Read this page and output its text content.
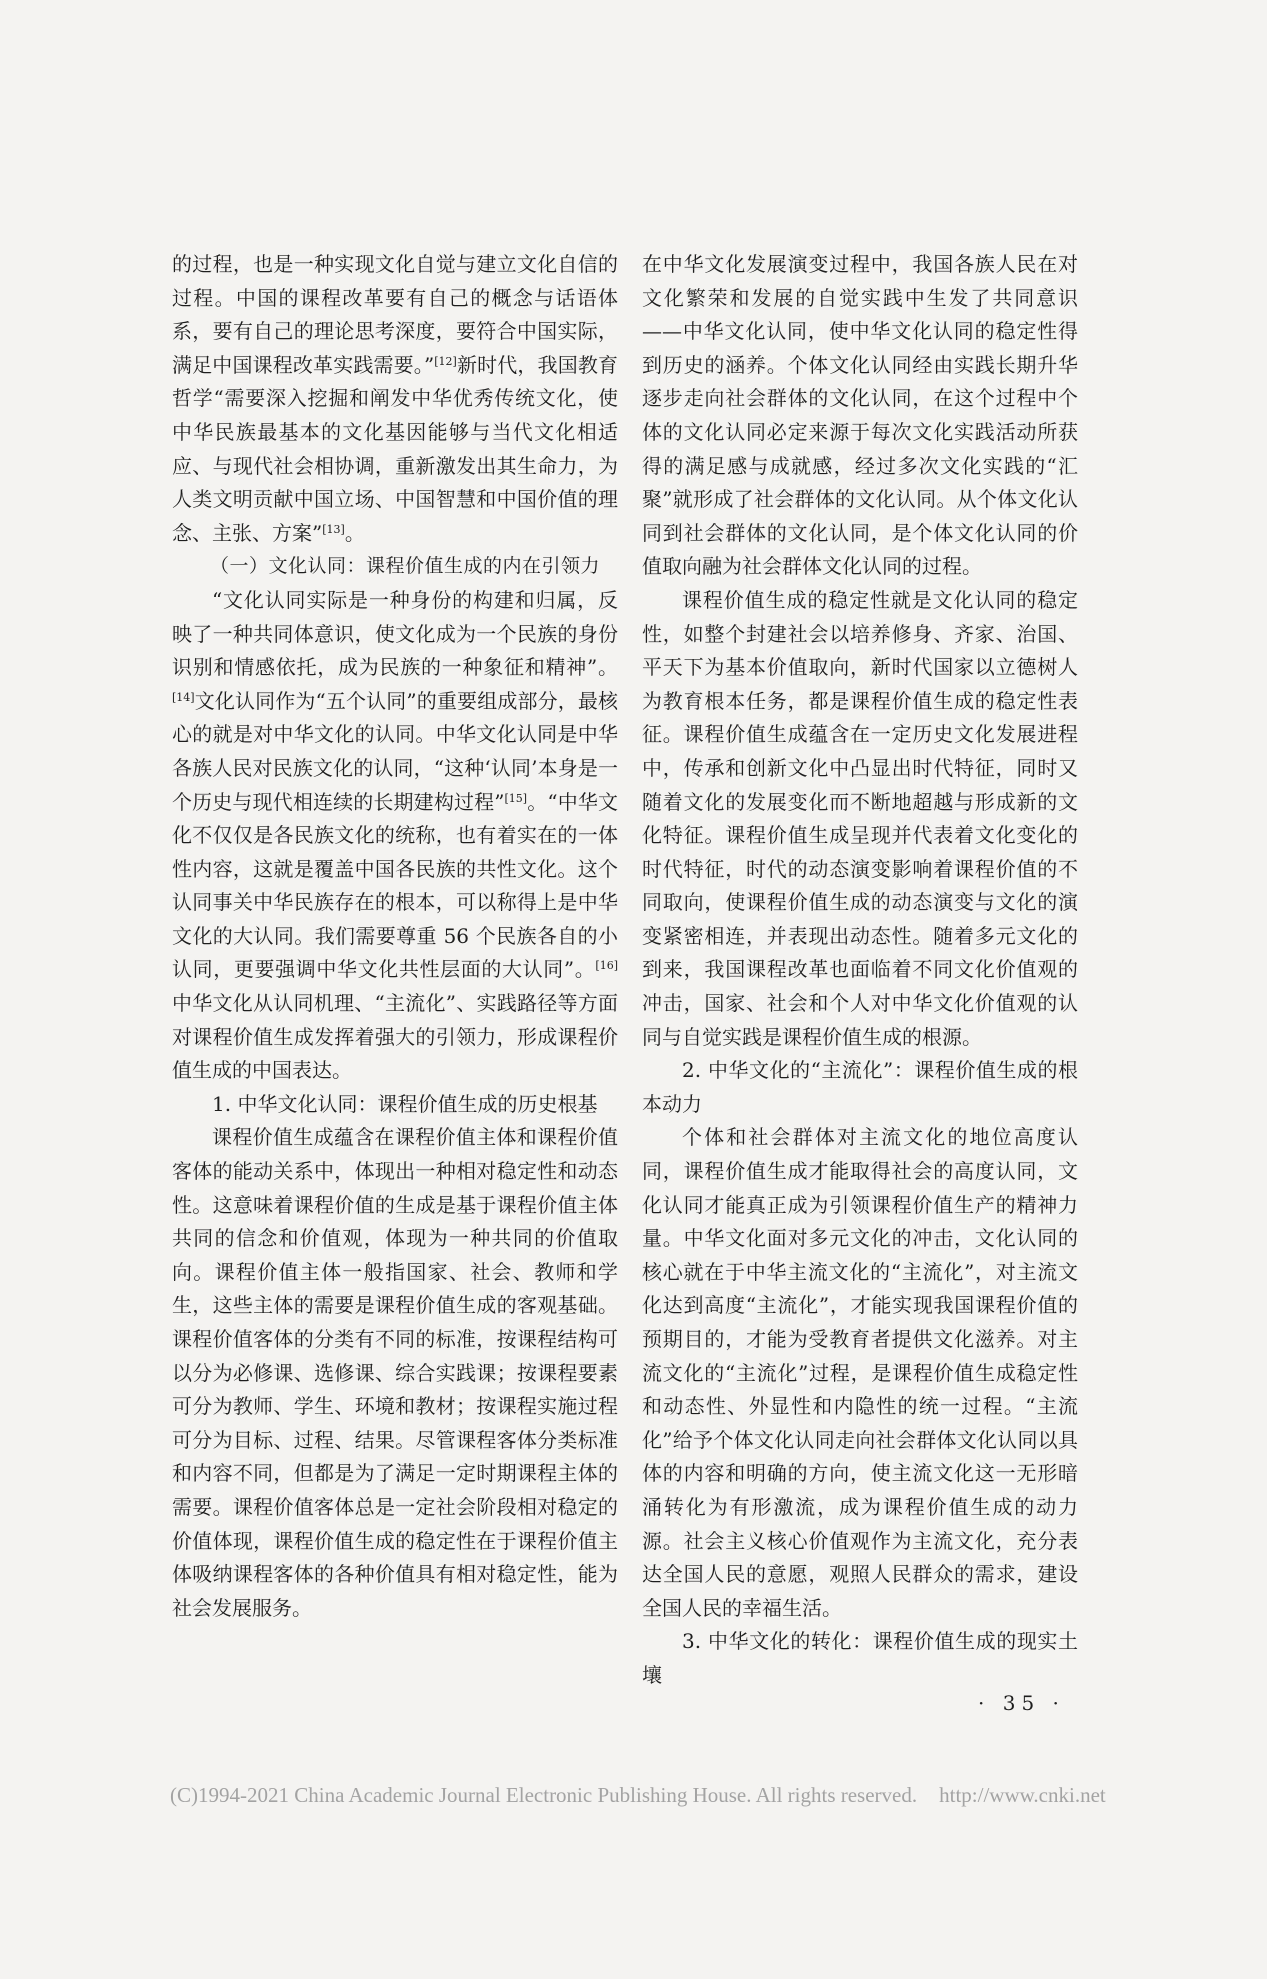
的过程，也是一种实现文化自觉与建立文化自信的过程。中国的课程改革要有自己的概念与话语体系，要有自己的理论思考深度，要符合中国实际，满足中国课程改革实践需要。”[12]新时代，我国教育哲学“需要深入挖掘和阐发中华优秀传统文化，使中华民族最基本的文化基因能够与当代文化相适应、与现代社会相协调，重新激发出其生命力，为人类文明贡献中国立场、中国智慧和中国价值的理念、主张、方案”[13]。

（一）文化认同：课程价值生成的内在引领力

“文化认同实际是一种身份的构建和归属，反映了一种共同体意识，使文化成为一个民族的身份识别和情感依托，成为民族的一种象征和精神”。[14]文化认同作为“五个认同”的重要组成部分，最核心的就是对中华文化的认同。中华文化认同是中华各族人民对民族文化的认同，“这种‘认同’本身是一个历史与现代相连续的长期建构过程”[15]。“中华文化不仅仅是各民族文化的统称，也有着实在的一体性内容，这就是覆盖中国各民族的共性文化。这个认同事关中华民族存在的根本，可以称得上是中华文化的大认同。我们需要尊重 56 个民族各自的小认同，更要强调中华文化共性层面的大认同”。[16]中华文化从认同机理、“主流化”、实践路径等方面对课程价值生成发挥着强大的引领力，形成课程价值生成的中国表达。

1. 中华文化认同：课程价值生成的历史根基

课程价值生成蕴含在课程价值主体和课程价值客体的能动关系中，体现出一种相对稳定性和动态性。这意味着课程价值的生成是基于课程价值主体共同的信念和价值观，体现为一种共同的价值取向。课程价值主体一般指国家、社会、教师和学生，这些主体的需要是课程价值生成的客观基础。课程价值客体的分类有不同的标准，按课程结构可以分为必修课、选修课、综合实践课；按课程要素可分为教师、学生、环境和教材；按课程实施过程可分为目标、过程、结果。尽管课程客体分类标准和内容不同，但都是为了满足一定时期课程主体的需要。课程价值客体总是一定社会阶段相对稳定的价值体现，课程价值生成的稳定性在于课程价值主体吸纳课程客体的各种价值具有相对稳定性，能为社会发展服务。

在中华文化发展演变过程中，我国各族人民在对文化繁荣和发展的自觉实践中生发了共同意识——中华文化认同，使中华文化认同的稳定性得到历史的涵养。个体文化认同经由实践长期升华逐步走向社会群体的文化认同，在这个过程中个体的文化认同必定来源于每次文化实践活动所获得的满足感与成就感，经过多次文化实践的“汇聚”就形成了社会群体的文化认同。从个体文化认同到社会群体的文化认同，是个体文化认同的价值取向融为社会群体文化认同的过程。

课程价值生成的稳定性就是文化认同的稳定性，如整个封建社会以培养修身、齐家、治国、平天下为基本价值取向，新时代国家以立德树人为教育根本任务，都是课程价值生成的稳定性表征。课程价值生成蕴含在一定历史文化发展进程中，传承和创新文化中凸显出时代特征，同时又随着文化的发展变化而不断地超越与形成新的文化特征。课程价值生成呈现并代表着文化变化的时代特征，时代的动态演变影响着课程价值的不同取向，使课程价值生成的动态演变与文化的演变紧密相连，并表现出动态性。随着多元文化的到来，我国课程改革也面临着不同文化价值观的冲击，国家、社会和个人对中华文化价值观的认同与自觉实践是课程价值生成的根源。

2. 中华文化的“主流化”：课程价值生成的根本动力

个体和社会群体对主流文化的地位高度认同，课程价值生成才能取得社会的高度认同，文化认同才能真正成为引领课程价值生产的精神力量。中华文化面对多元文化的冲击，文化认同的核心就在于中华主流文化的“主流化”，对主流文化达到高度“主流化”，才能实现我国课程价值的预期目的，才能为受教育者提供文化滋养。对主流文化的“主流化”过程，是课程价值生成稳定性和动态性、外显性和内隐性的统一过程。“主流化”给予个体文化认同走向社会群体文化认同以具体的内容和明确的方向，使主流文化这一无形暗涌转化为有形激流，成为课程价值生成的动力源。社会主义核心价值观作为主流文化，充分表达全国人民的意愿，观照人民群众的需求，建设全国人民的幸福生活。

3. 中华文化的转化：课程价值生成的现实土壤

· 35 ·
(C)1994-2021 China Academic Journal Electronic Publishing House. All rights reserved. http://www.cnki.net
